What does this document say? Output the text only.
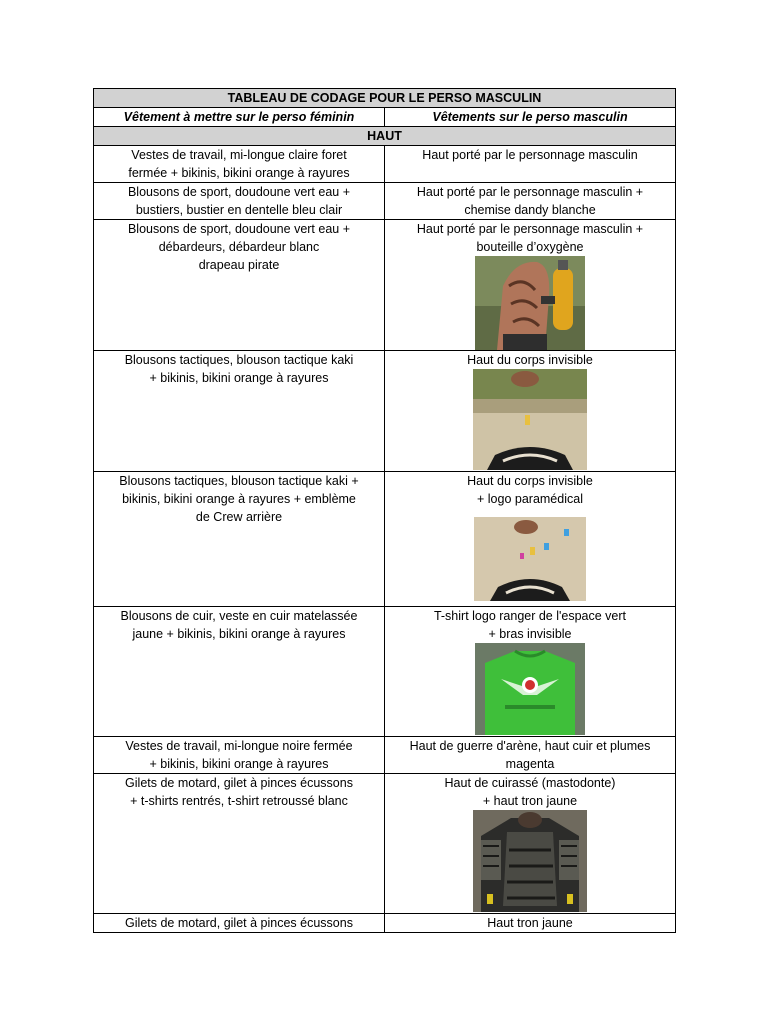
TABLEAU DE CODAGE POUR LE PERSO MASCULIN	
Vêtement à mettre sur le perso féminin	Vêtements sur le perso masculin
HAUT	

Vestes de travail, mi-longue claire foret
fermée + bikinis, bikini orange à rayures	Haut porté par le personnage masculin

Blousons de sport, doudoune vert eau +
bustiers, bustier en dentelle bleu clair	Haut porté par le personnage masculin +
chemise dandy blanche

Blousons de sport, doudoune vert eau +
débardeurs, débardeur blanc
drapeau pirate	Haut porté par le personnage masculin +
bouteille d’oxygène

Blousons tactiques, blouson tactique kaki
+ bikinis, bikini orange à rayures	Haut du corps invisible

Blousons tactiques, blouson tactique kaki +
bikinis, bikini orange à rayures + emblème
de Crew arrière	Haut du corps invisible
+ logo paramédical

Blousons de cuir, veste en cuir matelassée
jaune + bikinis, bikini orange à rayures	T-shirt logo ranger de l'espace vert
+ bras invisible

Vestes de travail, mi-longue noire fermée
+ bikinis, bikini orange à rayures	Haut de guerre d'arène, haut cuir et plumes
magenta

Gilets de motard, gilet à pinces écussons
+ t-shirts rentrés, t-shirt retroussé blanc	Haut de cuirassé (mastodonte)
+ haut tron jaune

Gilets de motard, gilet à pinces écussons	Haut tron jaune
